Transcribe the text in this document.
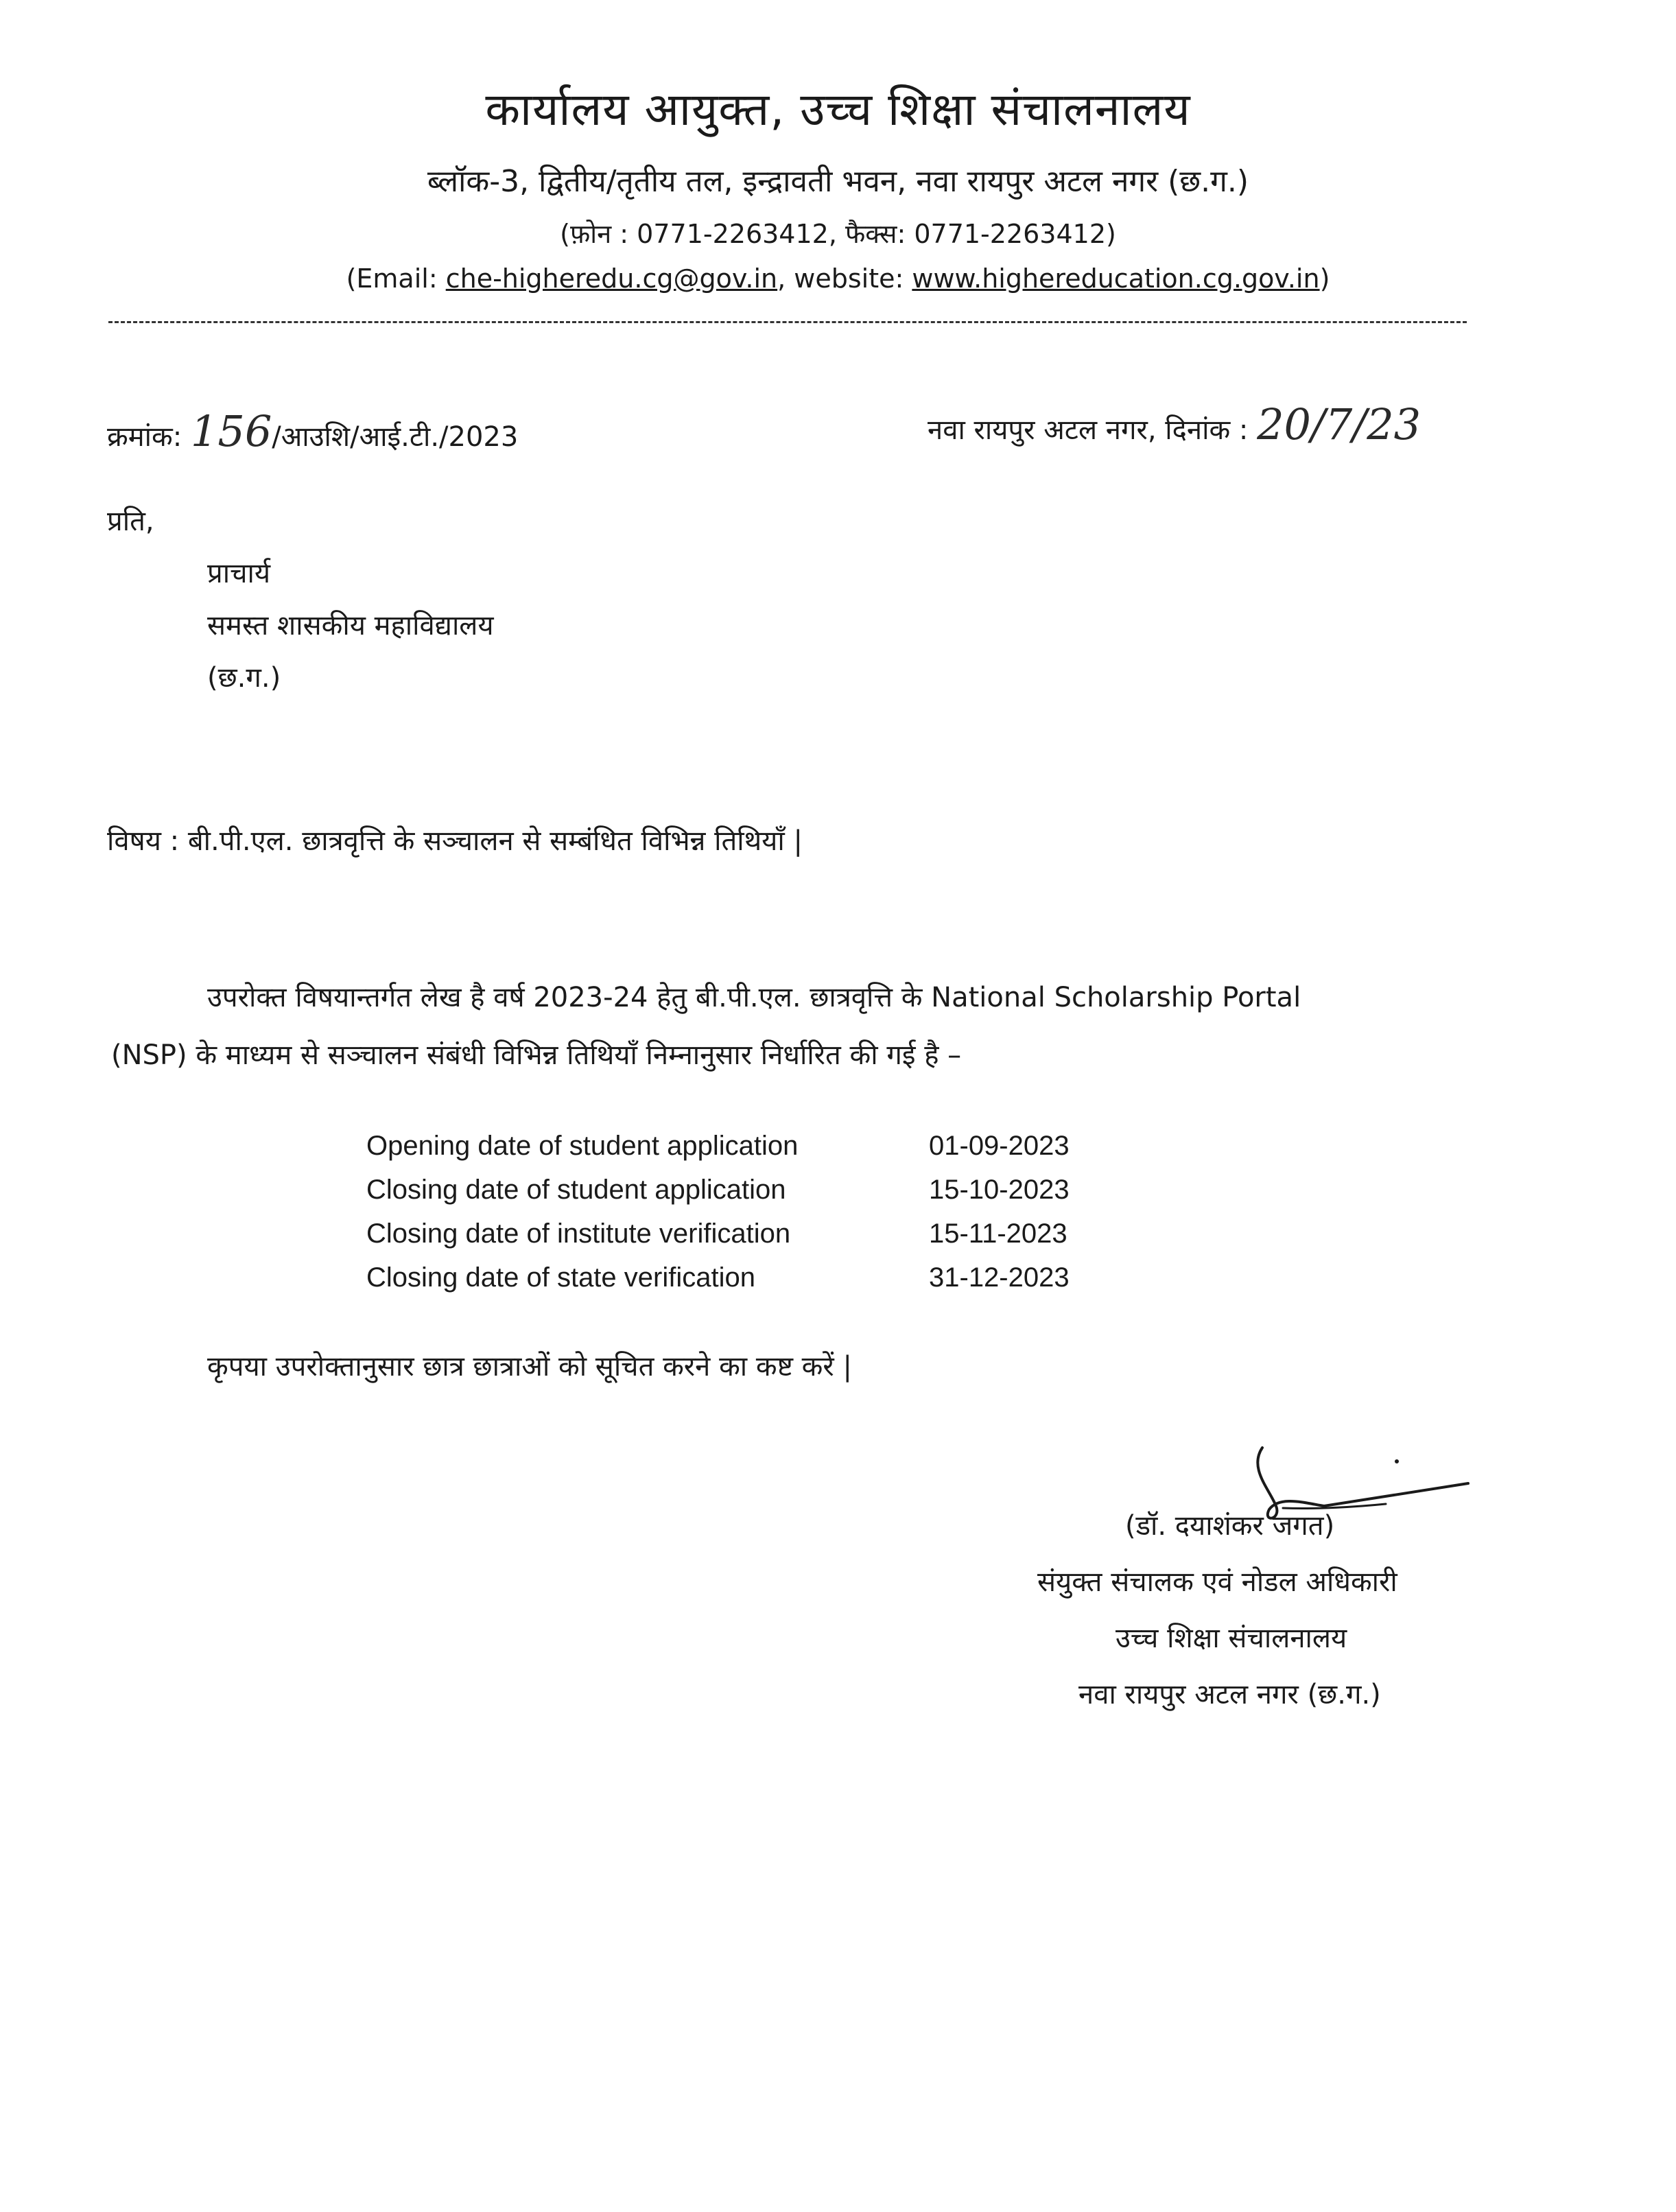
कार्यालय आयुक्त, उच्च शिक्षा संचालनालय
ब्लॉक-3, द्वितीय/तृतीय तल, इन्द्रावती भवन, नवा रायपुर अटल नगर (छ.ग.)
(फ़ोन : 0771-2263412, फैक्स: 0771-2263412)
(Email: che-higheredu.cg@gov.in, website: www.highereducation.cg.gov.in)
क्रमांक: 156/आउशि/आई.टी./2023	नवा रायपुर अटल नगर, दिनांक : 20/7/23
प्रति,
प्राचार्य
समस्त शासकीय महाविद्यालय
(छ.ग.)
विषय : बी.पी.एल. छात्रवृत्ति के सञ्चालन से सम्बंधित विभिन्न तिथियाँ |
उपरोक्त विषयान्तर्गत लेख है वर्ष 2023-24 हेतु बी.पी.एल. छात्रवृत्ति के National Scholarship Portal
(NSP) के माध्यम से सञ्चालन संबंधी विभिन्न तिथियाँ निम्नानुसार निर्धारित की गई है –
Opening date of student application	01-09-2023
Closing date of student application	15-10-2023
Closing date of institute verification	15-11-2023
Closing date of state verification	31-12-2023
कृपया उपरोक्तानुसार छात्र छात्राओं को सूचित करने का कष्ट करें |
(डॉ. दयाशंकर जगत)
संयुक्त संचालक एवं नोडल अधिकारी
उच्च शिक्षा संचालनालय
नवा रायपुर अटल नगर (छ.ग.)
